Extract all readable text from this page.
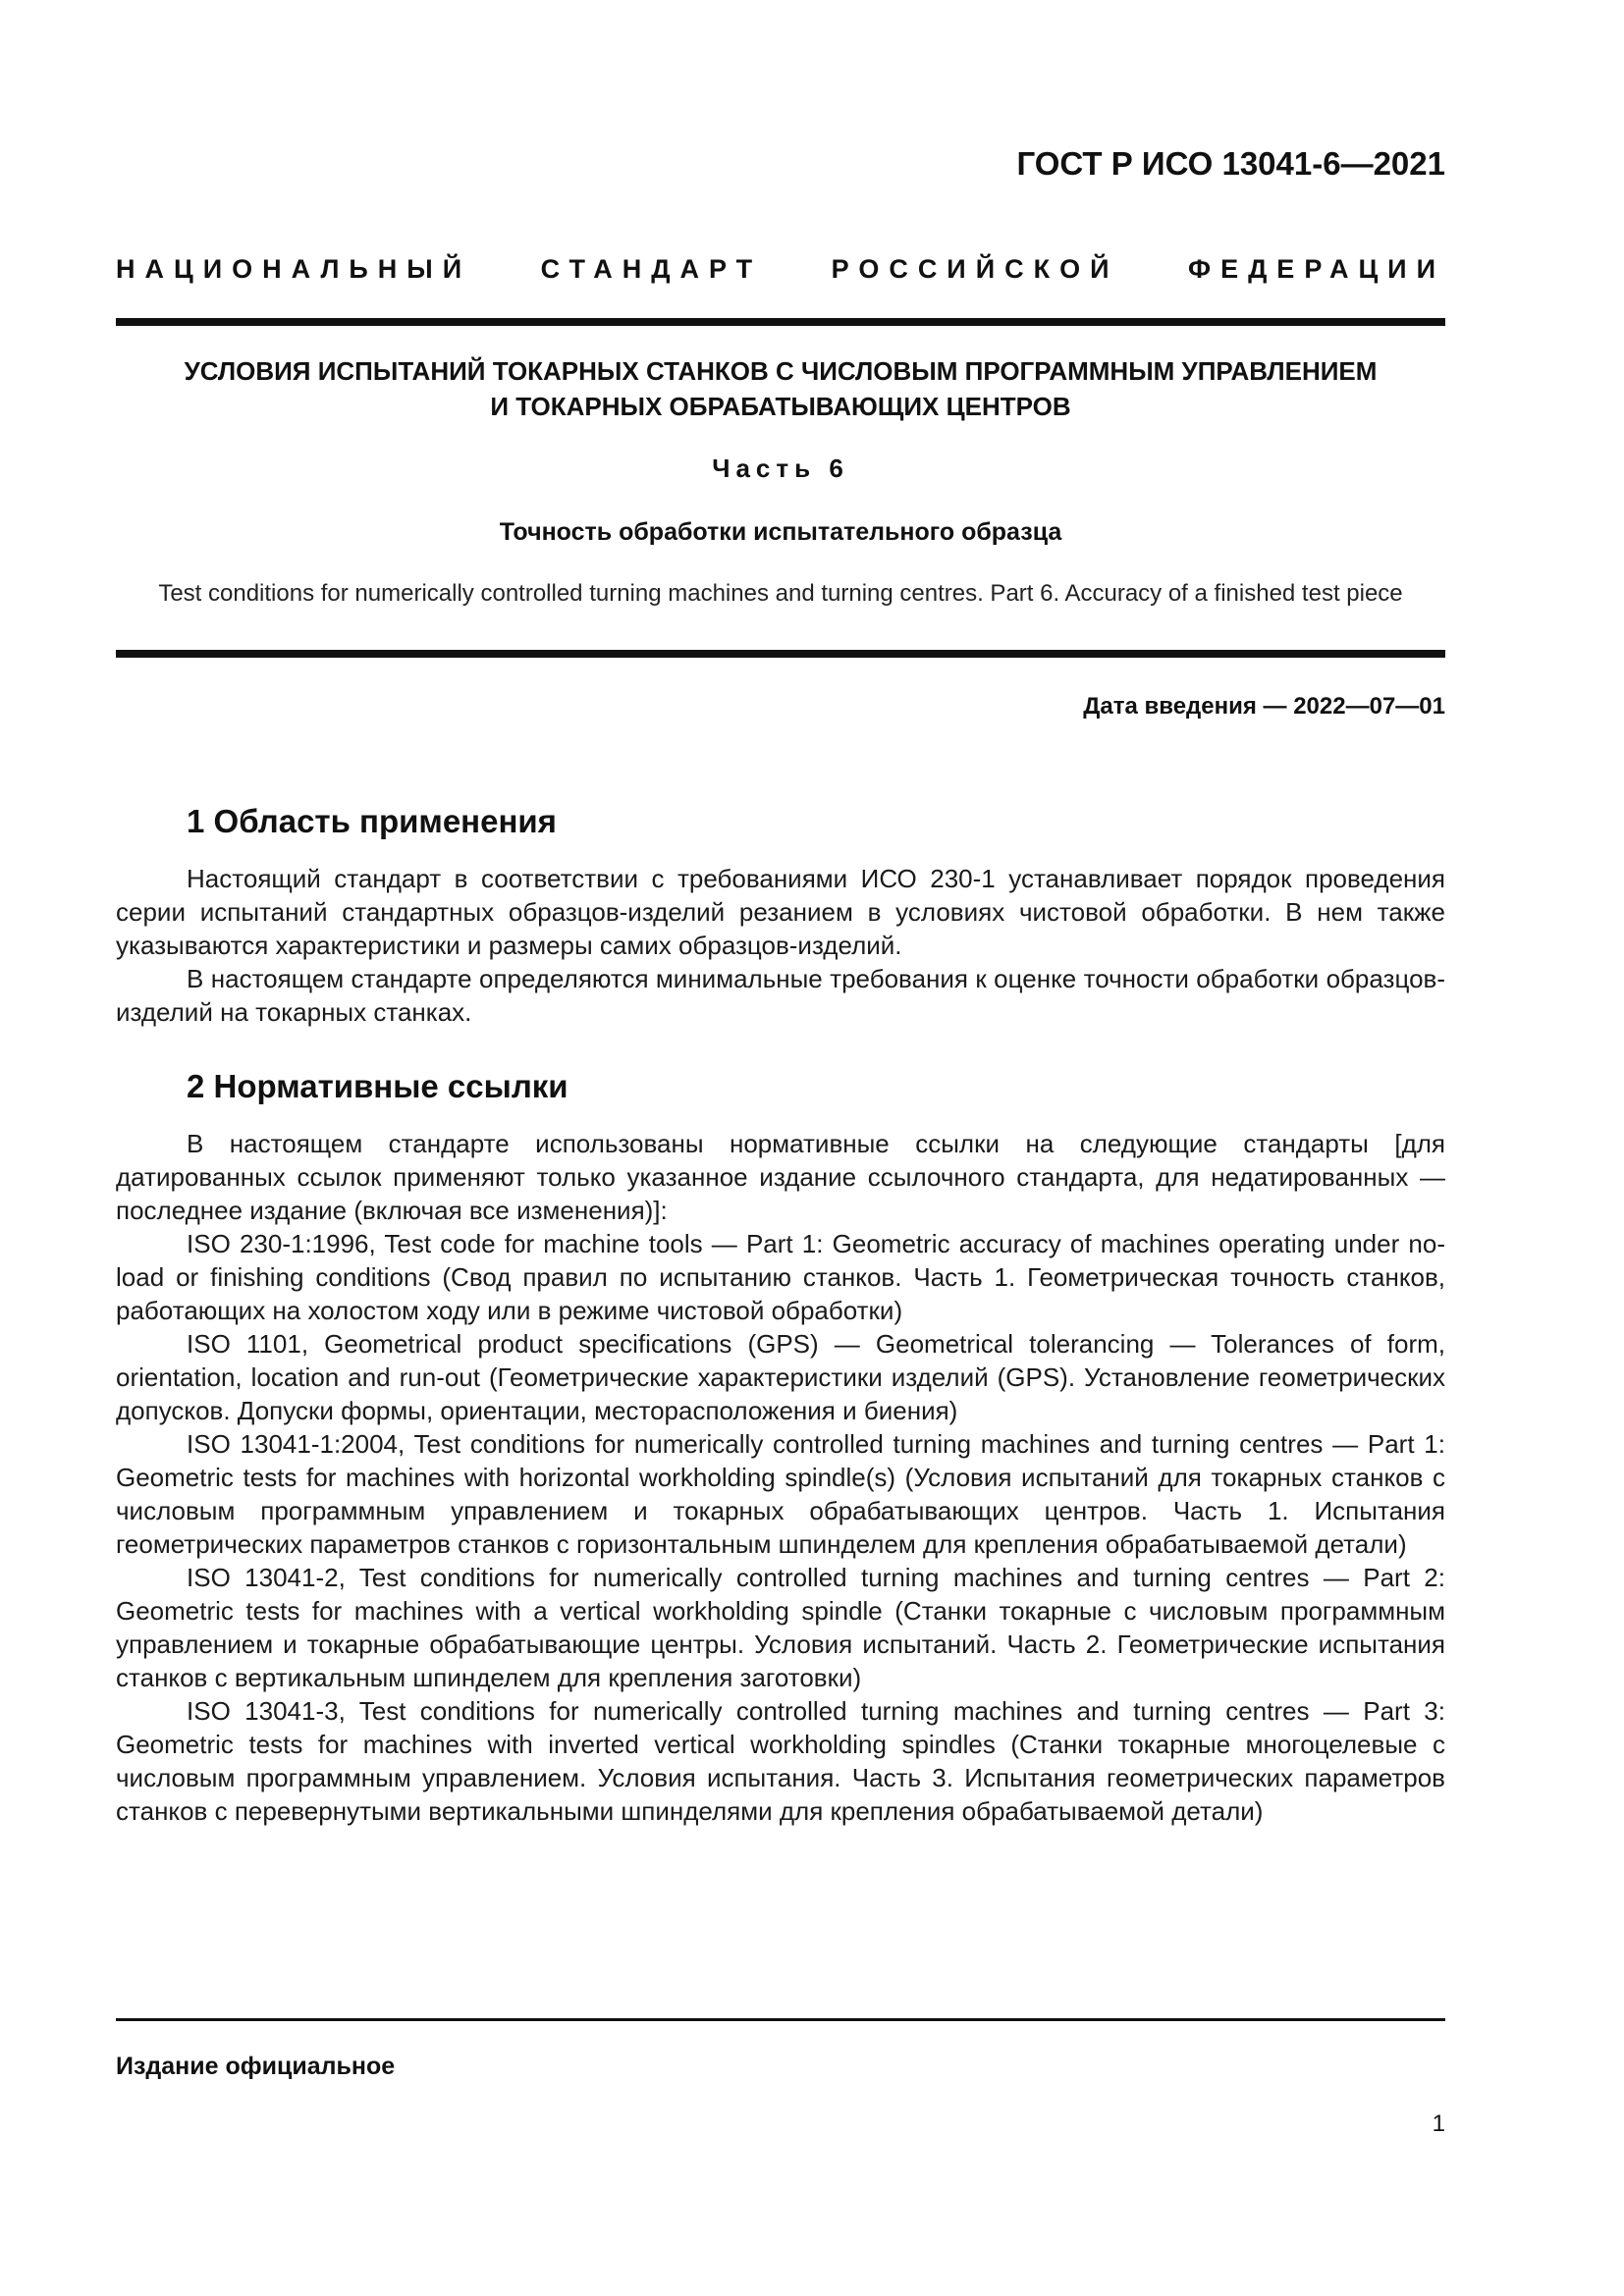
ГОСТ Р ИСО 13041-6—2021
НАЦИОНАЛЬНЫЙ СТАНДАРТ РОССИЙСКОЙ ФЕДЕРАЦИИ
УСЛОВИЯ ИСПЫТАНИЙ ТОКАРНЫХ СТАНКОВ С ЧИСЛОВЫМ ПРОГРАММНЫМ УПРАВЛЕНИЕМ
И ТОКАРНЫХ ОБРАБАТЫВАЮЩИХ ЦЕНТРОВ
Часть 6
Точность обработки испытательного образца
Test conditions for numerically controlled turning machines and turning centres. Part 6. Accuracy of a finished test piece
Дата введения — 2022—07—01
1 Область применения

Настоящий стандарт в соответствии с требованиями ИСО 230-1 устанавливает порядок проведения серии испытаний стандартных образцов-изделий резанием в условиях чистовой обработки. В нем также указываются характеристики и размеры самих образцов-изделий.

В настоящем стандарте определяются минимальные требования к оценке точности обработки образцов-изделий на токарных станках.

2 Нормативные ссылки

В настоящем стандарте использованы нормативные ссылки на следующие стандарты [для датированных ссылок применяют только указанное издание ссылочного стандарта, для недатированных — последнее издание (включая все изменения)]:

ISO 230-1:1996, Test code for machine tools — Part 1: Geometric accuracy of machines operating under no-load or finishing conditions (Свод правил по испытанию станков. Часть 1. Геометрическая точность станков, работающих на холостом ходу или в режиме чистовой обработки)

ISO 1101, Geometrical product specifications (GPS) — Geometrical tolerancing — Tolerances of form, orientation, location and run-out (Геометрические характеристики изделий (GPS). Установление геометрических допусков. Допуски формы, ориентации, месторасположения и биения)

ISO 13041-1:2004, Test conditions for numerically controlled turning machines and turning centres — Part 1: Geometric tests for machines with horizontal workholding spindle(s) (Условия испытаний для токарных станков с числовым программным управлением и токарных обрабатывающих центров. Часть 1. Испытания геометрических параметров станков с горизонтальным шпинделем для крепления обрабатываемой детали)

ISO 13041-2, Test conditions for numerically controlled turning machines and turning centres — Part 2: Geometric tests for machines with a vertical workholding spindle (Станки токарные с числовым программным управлением и токарные обрабатывающие центры. Условия испытаний. Часть 2. Геометрические испытания станков с вертикальным шпинделем для крепления заготовки)

ISO 13041-3, Test conditions for numerically controlled turning machines and turning centres — Part 3: Geometric tests for machines with inverted vertical workholding spindles (Станки токарные многоцелевые с числовым программным управлением. Условия испытания. Часть 3. Испытания геометрических параметров станков с перевернутыми вертикальными шпинделями для крепления обрабатываемой детали)

Издание официальное
1
